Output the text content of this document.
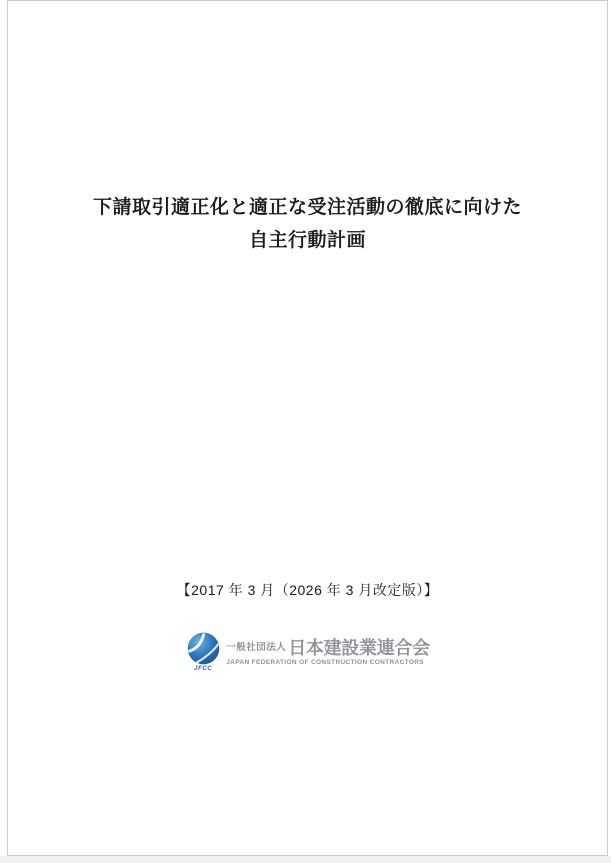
下請取引適正化と適正な受注活動の徹底に向けた
自主行動計画
【2017 年 3 月（2026 年 3 月改定版）】
JFCC
一般社団法人 日本建設業連合会
JAPAN FEDERATION OF CONSTRUCTION CONTRACTORS
